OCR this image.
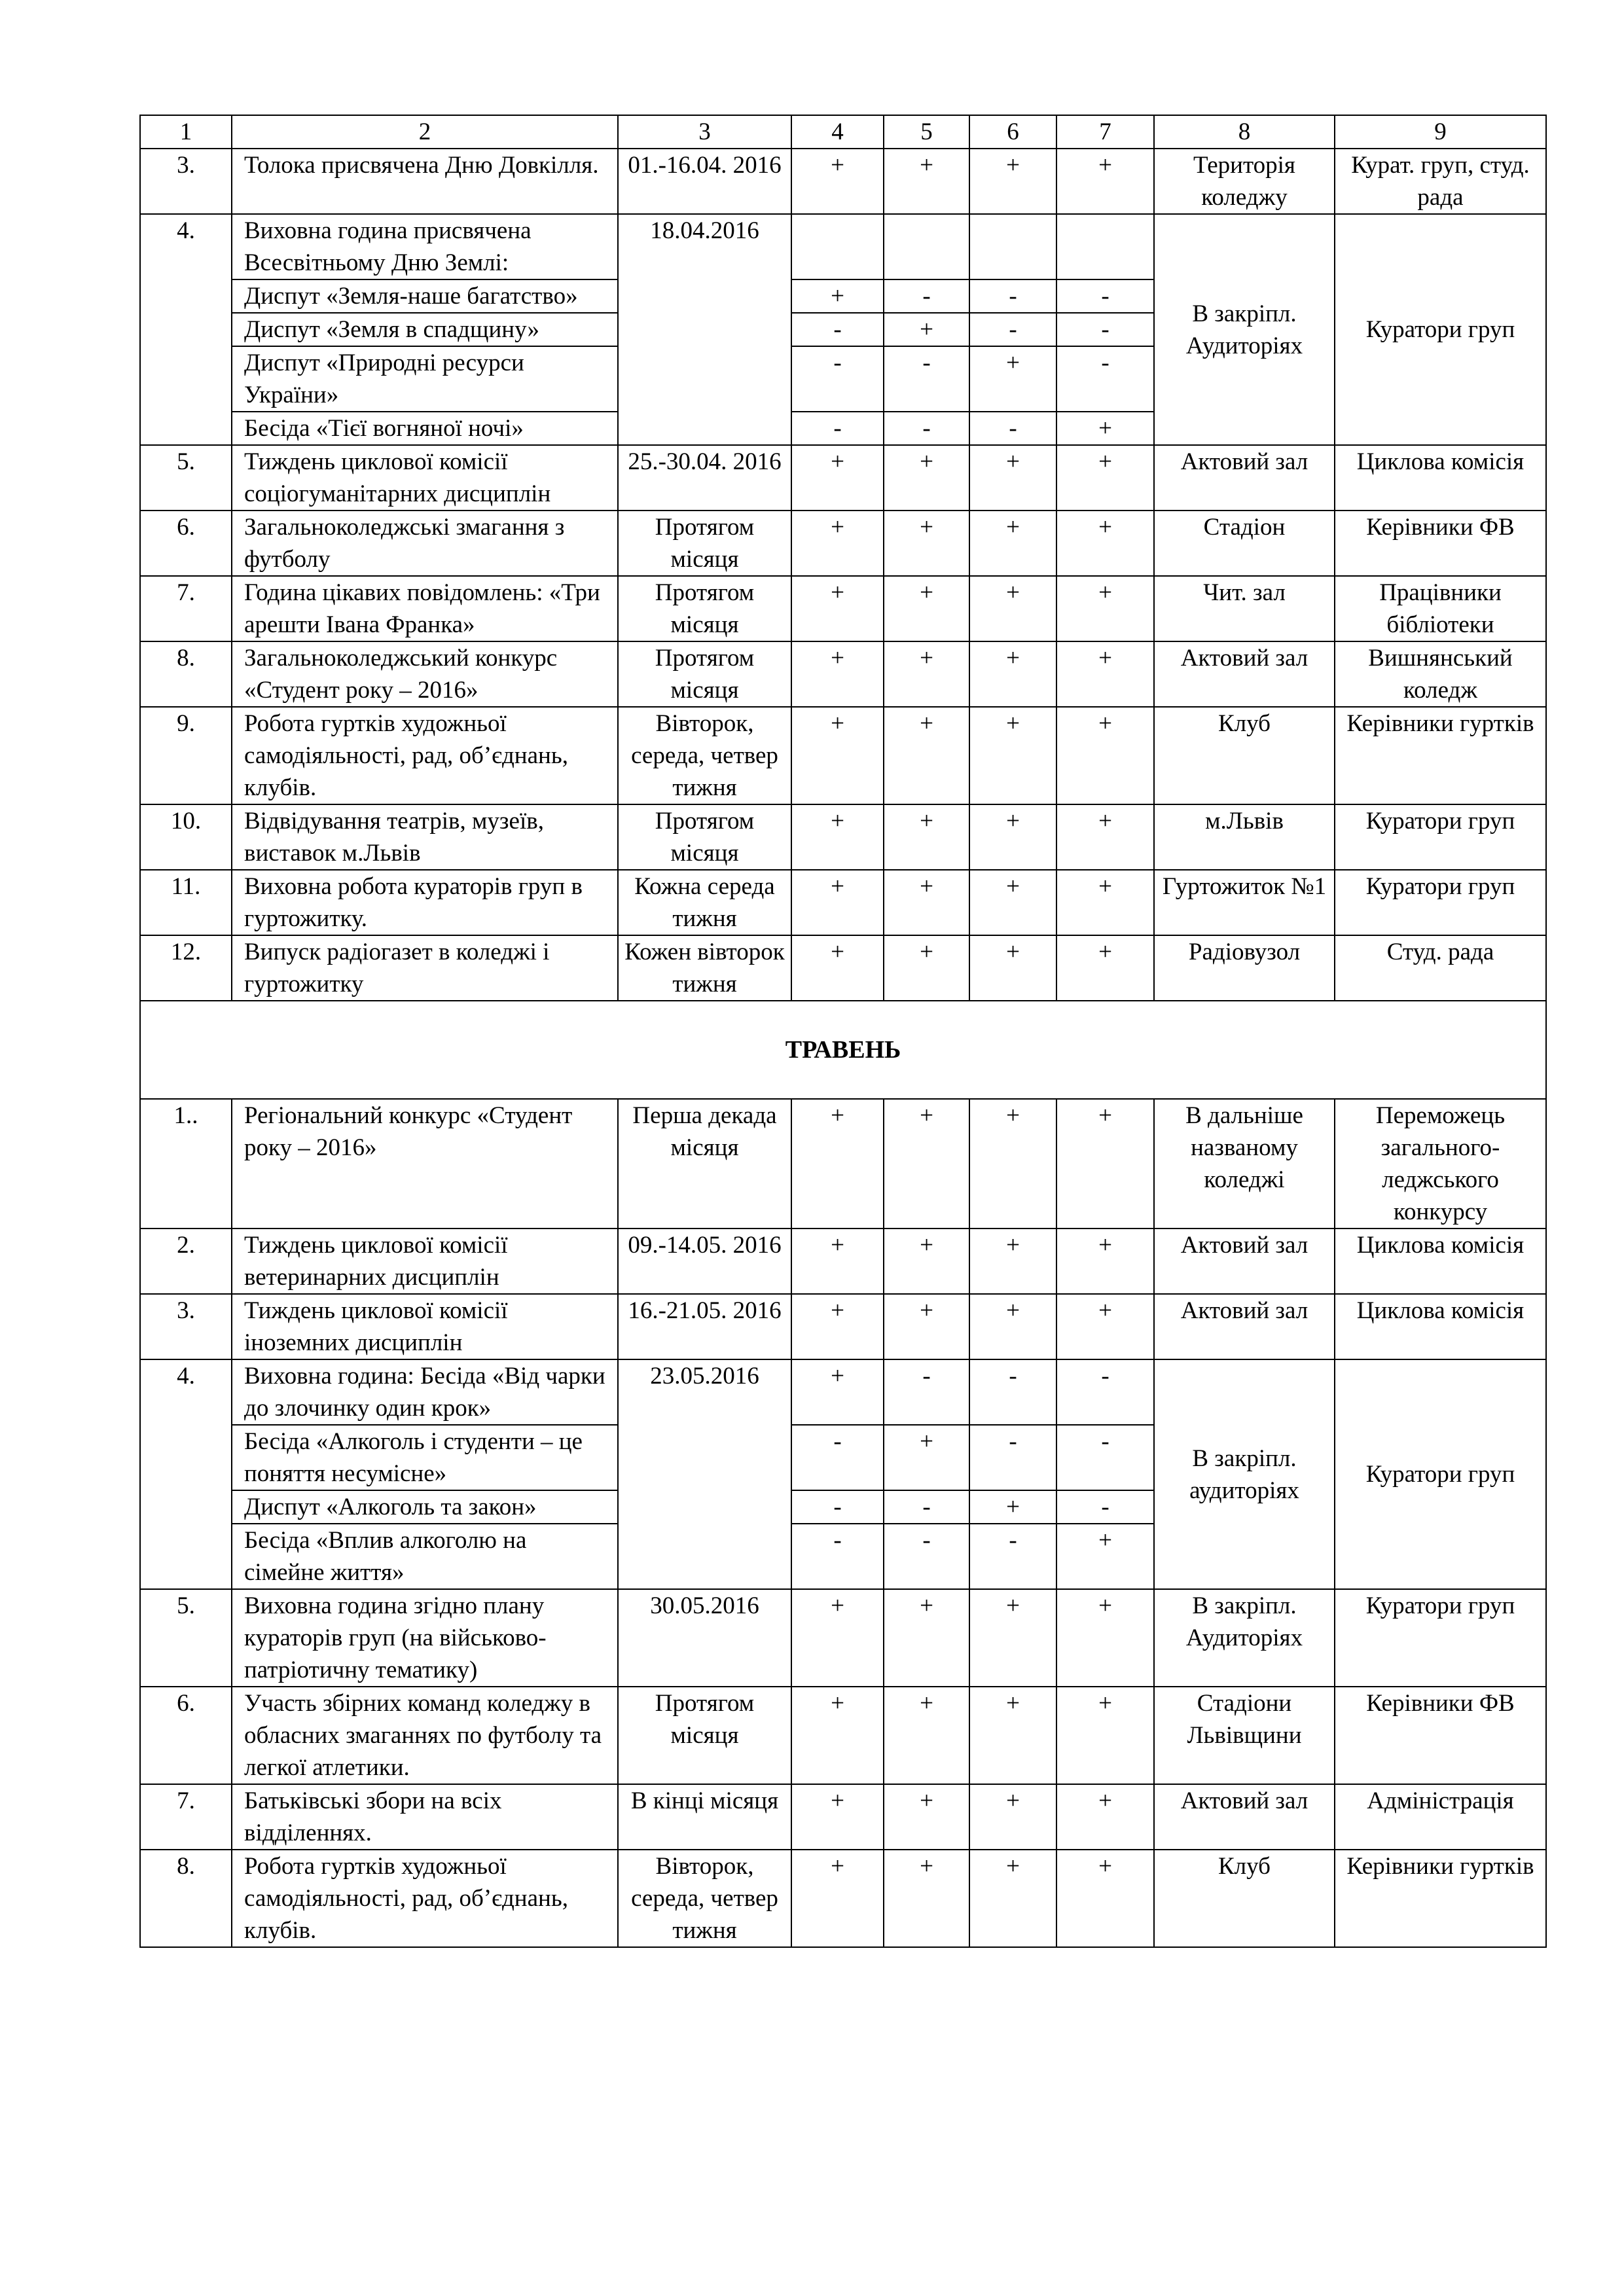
1	2	3	4	5	6	7	8	9
3.	Толока присвячена Дню Довкілля.	01.-16.04. 2016	+	+	+	+	Територія коледжу	Курат. груп, студ. рада
4.	Виховна година присвячена Всесвітньому Дню Землі:	18.04.2016					В закріпл. Аудиторіях	Куратори груп
	Диспут «Земля-наше багатство»		+	-	-	-		
	Диспут «Земля в спадщину»		-	+	-	-		
	Диспут «Природні ресурси України»		-	-	+	-		
	Бесіда «Тієї вогняної ночі»		-	-	-	+		
5.	Тиждень циклової комісії соціогуманітарних дисциплін	25.-30.04. 2016	+	+	+	+	Актовий зал	Циклова комісія
6.	Загальноколеджські змагання з футболу	Протягом місяця	+	+	+	+	Стадіон	Керівники ФВ
7.	Година цікавих повідомлень: «Три арешти Івана Франка»	Протягом місяця	+	+	+	+	Чит. зал	Працівники бібліотеки
8.	Загальноколеджський конкурс «Студент року – 2016»	Протягом місяця	+	+	+	+	Актовий зал	Вишнянський коледж
9.	Робота гуртків художньої самодіяльності, рад, об’єднань, клубів.	Вівторок, середа, четвер тижня	+	+	+	+	Клуб	Керівники гуртків
10.	Відвідування театрів, музеїв, виставок м.Львів	Протягом місяця	+	+	+	+	м.Львів	Куратори груп
11.	Виховна робота кураторів груп в гуртожитку.	Кожна середа тижня	+	+	+	+	Гуртожиток №1	Куратори груп
12.	Випуск радіогазет в коледжі і гуртожитку	Кожен вівторок тижня	+	+	+	+	Радіовузол	Студ. рада
ТРАВЕНЬ								
1..	Регіональний конкурс «Студент року – 2016»	Перша декада місяця	+	+	+	+	В дальніше названому коледжі	Переможець загального-леджського конкурсу
2.	Тиждень циклової комісії ветеринарних дисциплін	09.-14.05. 2016	+	+	+	+	Актовий зал	Циклова комісія
3.	Тиждень циклової комісії іноземних дисциплін	16.-21.05. 2016	+	+	+	+	Актовий зал	Циклова комісія
4.	Виховна година: Бесіда «Від чарки до злочинку один крок»	23.05.2016	+	-	-	-	В закріпл. аудиторіях	Куратори груп
	Бесіда «Алкоголь і студенти – це поняття несумісне»		-	+	-	-		
	Диспут «Алкоголь та закон»		-	-	+	-		
	Бесіда «Вплив алкоголю на сімейне життя»		-	-	-	+		
5.	Виховна година згідно плану кураторів груп (на військово-патріотичну тематику)	30.05.2016	+	+	+	+	В закріпл. Аудиторіях	Куратори груп
6.	Участь збірних команд коледжу в обласних змаганнях по футболу та легкої атлетики.	Протягом місяця	+	+	+	+	Стадіони Львівщини	Керівники ФВ
7.	Батьківські збори на всіх відділеннях.	В кінці місяця	+	+	+	+	Актовий зал	Адміністрація
8.	Робота гуртків художньої самодіяльності, рад, об’єднань, клубів.	Вівторок, середа, четвер тижня	+	+	+	+	Клуб	Керівники гуртків
